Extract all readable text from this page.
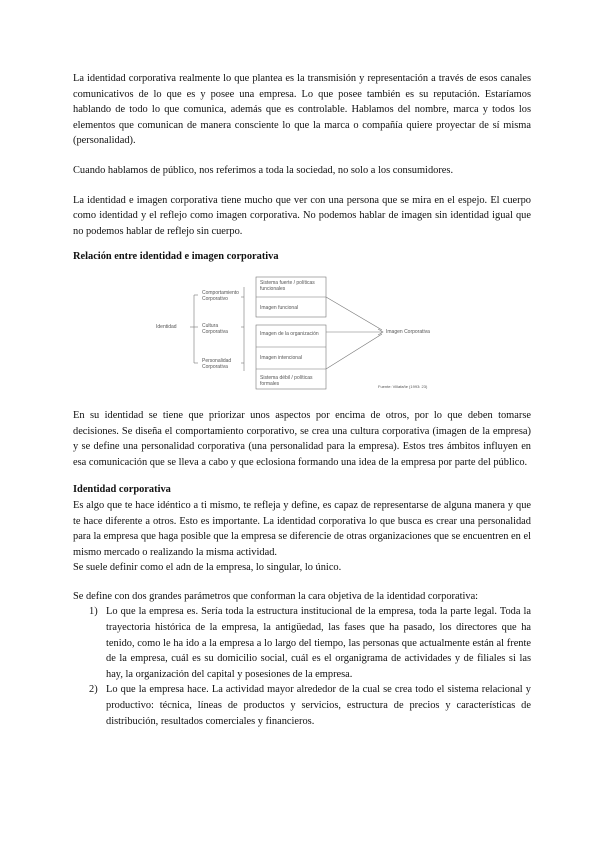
La identidad corporativa realmente lo que plantea es la transmisión y representación a través de esos canales comunicativos de lo que es y posee una empresa. Lo que posee también es su reputación. Estaríamos hablando de todo lo que comunica, además que es controlable. Hablamos del nombre, marca y todos los elementos que comunican de manera consciente lo que la marca o compañía quiere proyectar de sí misma (personalidad).

Cuando hablamos de público, nos referimos a toda la sociedad, no solo a los consumidores.

La identidad e imagen corporativa tiene mucho que ver con una persona que se mira en el espejo. El cuerpo como identidad y el reflejo como imagen corporativa. No podemos hablar de imagen sin identidad igual que no podemos hablar de reflejo sin cuerpo.

Relación entre identidad e imagen corporativa
Identidad
Comportamiento Corporativo
Cultura Corporativa
Personalidad Corporativa
Sistema fuerte / políticas funcionales
Imagen funcional
Imagen de la organización
Imagen intencional
Sistema débil / políticas formales
Imagen Corporativa
Fuente: Villafañe (1993: 23)

En su identidad se tiene que priorizar unos aspectos por encima de otros, por lo que deben tomarse decisiones. Se diseña el comportamiento corporativo, se crea una cultura corporativa (imagen de la empresa) y se define una personalidad corporativa (una personalidad para la empresa). Estos tres ámbitos influyen en esa comunicación que se lleva a cabo y que eclosiona formando una idea de la empresa por parte del público.

Identidad corporativa

Es algo que te hace idéntico a ti mismo, te refleja y define, es capaz de representarse de alguna manera y que te hace diferente a otros. Esto es importante. La identidad corporativa lo que busca es crear una personalidad para la empresa que haga posible que la empresa se diferencie de otras organizaciones que se encuentren en el mismo mercado o realizando la misma actividad.

Se suele definir como el adn de la empresa, lo singular, lo único.

Se define con dos grandes parámetros que conforman la cara objetiva de la identidad corporativa:

1) Lo que la empresa es. Sería toda la estructura institucional de la empresa, toda la parte legal. Toda la trayectoria histórica de la empresa, la antigüedad, las fases que ha pasado, los directores que ha tenido, como le ha ido a la empresa a lo largo del tiempo, las personas que actualmente están al frente de la empresa, cuál es su domicilio social, cuál es el organigrama de actividades y de filiales si las hay, la organización del capital y posesiones de la empresa.
2) Lo que la empresa hace. La actividad mayor alrededor de la cual se crea todo el sistema relacional y productivo: técnica, líneas de productos y servicios, estructura de precios y características de distribución, resultados comerciales y financieros.
